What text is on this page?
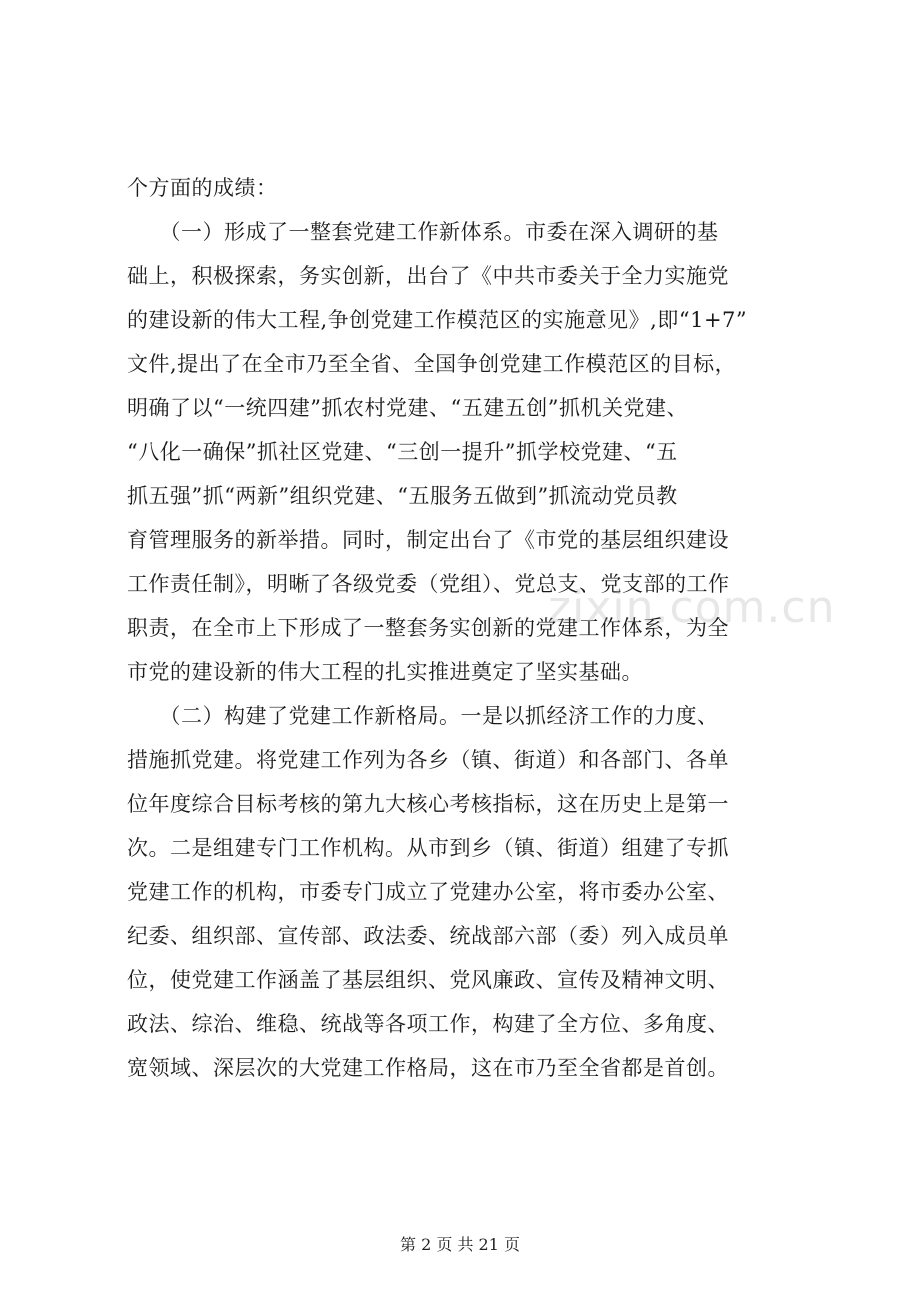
个方面的成绩：
　　（一）形成了一整套党建工作新体系。市委在深入调研的基
础上，积极探索，务实创新，出台了《中共市委关于全力实施党
的建设新的伟大工程,争创党建工作模范区的实施意见》,即“1+7”
文件,提出了在全市乃至全省、全国争创党建工作模范区的目标，
明确了以“一统四建”抓农村党建、“五建五创”抓机关党建、
“八化一确保”抓社区党建、“三创一提升”抓学校党建、“五
抓五强”抓“两新”组织党建、“五服务五做到”抓流动党员教
育管理服务的新举措。同时，制定出台了《市党的基层组织建设
工作责任制》，明晰了各级党委（党组）、党总支、党支部的工作
职责，在全市上下形成了一整套务实创新的党建工作体系，为全
市党的建设新的伟大工程的扎实推进奠定了坚实基础。
　　（二）构建了党建工作新格局。一是以抓经济工作的力度、
措施抓党建。将党建工作列为各乡（镇、街道）和各部门、各单
位年度综合目标考核的第九大核心考核指标，这在历史上是第一
次。二是组建专门工作机构。从市到乡（镇、街道）组建了专抓
党建工作的机构，市委专门成立了党建办公室，将市委办公室、
纪委、组织部、宣传部、政法委、统战部六部（委）列入成员单
位，使党建工作涵盖了基层组织、党风廉政、宣传及精神文明、
政法、综治、维稳、统战等各项工作，构建了全方位、多角度、
宽领域、深层次的大党建工作格局，这在市乃至全省都是首创。
zixin.com.cn
第 2 页 共 21 页
